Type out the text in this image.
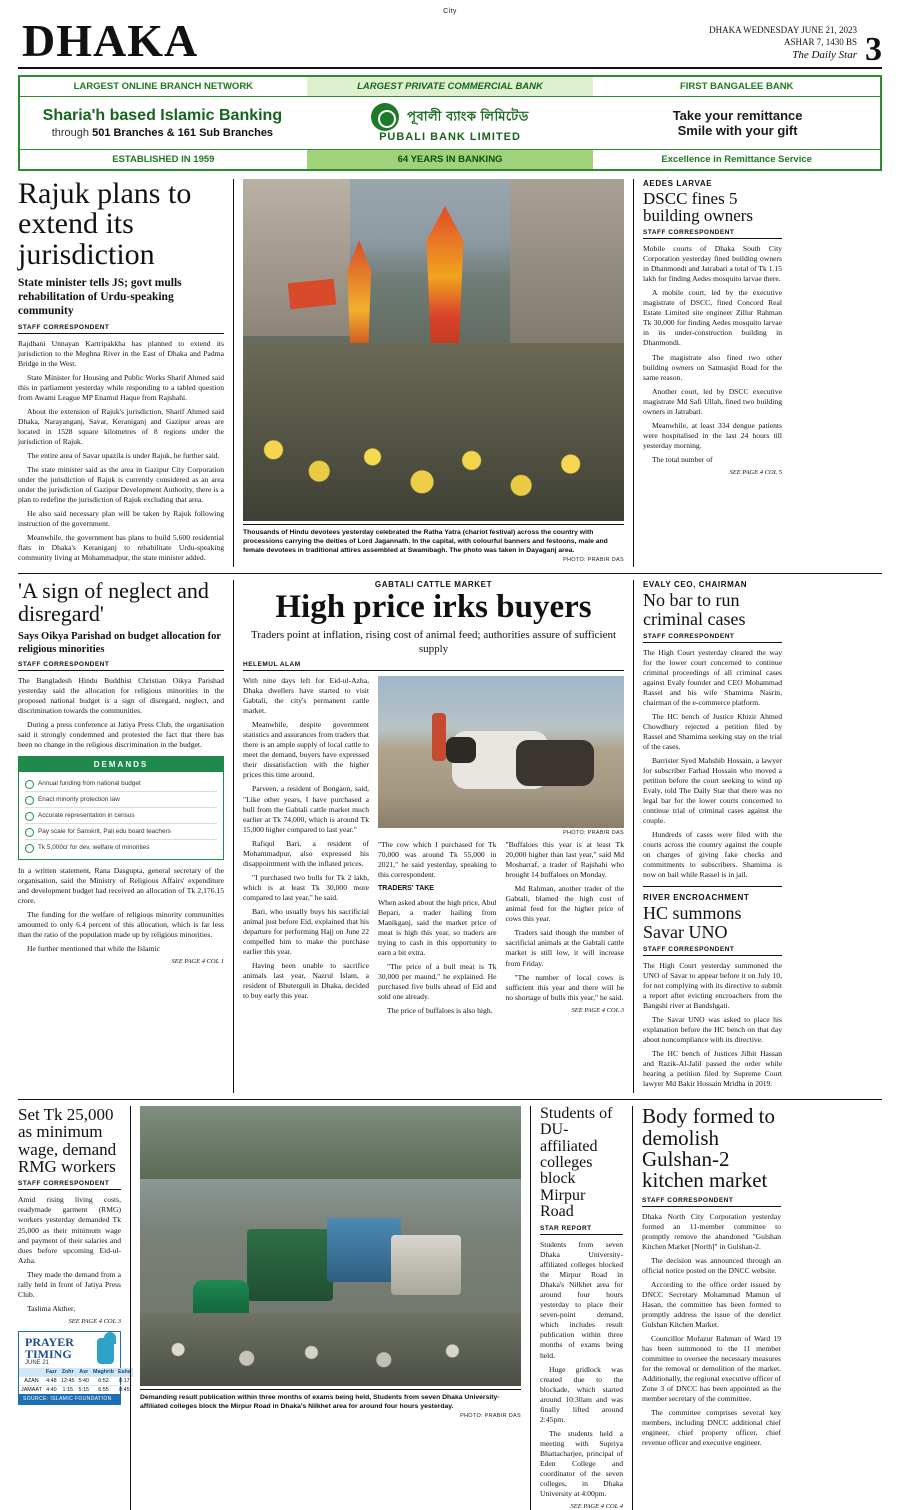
City
DHAKA	DHAKA WEDNESDAY JUNE 21, 2023
ASHAR 7, 1430 BS
The Daily Star 3
LARGEST ONLINE BRANCH NETWORK	LARGEST PRIVATE COMMERCIAL BANK	FIRST BANGALEE BANK
Sharia'h based Islamic Banking
through 501 Branches & 161 Sub Branches
পূবালী ব্যাংক লিমিটেড
PUBALI BANK LIMITED
Take your remittance
Smile with your gift
ESTABLISHED IN 1959	64 YEARS IN BANKING	Excellence in Remittance Service
Rajuk plans to extend its jurisdiction
State minister tells JS; govt mulls rehabilitation of Urdu-speaking community
STAFF CORRESPONDENT

Rajdhani Unnayan Kartripakkha has planned to extend its jurisdiction to the Meghna River in the East of Dhaka and Padma Bridge in the West.

State Minister for Housing and Public Works Sharif Ahmed said this in parliament yesterday while responding to a tabled question from Awami League MP Enamul Haque from Rajshahi.

About the extension of Rajuk's jurisdiction, Sharif Ahmed said Dhaka, Narayanganj, Savar, Keraniganj and Gazipur areas are located in 1528 square kilometres of 8 regions under the jurisdiction of Rajuk.

The entire area of Savar upazila is under Rajuk, he further said.

The state minister said as the area in Gazipur City Corporation under the jurisdiction of Rajuk is currently considered as an area under the jurisdiction of Gazipur Development Authority, there is a plan to redefine the jurisdiction of Rajuk excluding that area.

He also said necessary plan will be taken by Rajuk following instruction of the government.

Meanwhile, the government has plans to build 5,600 residential flats in Dhaka's Keraniganj to rehabilitate Urdu-speaking community living at Mohammadpur, the state minister added.

Thousands of Hindu devotees yesterday celebrated the Ratha Yatra (chariot festival) across the country with processions carrying the deities of Lord Jagannath. In the capital, with colourful banners and festoons, male and female devotees in traditional attires assembled at Swamibagh. The photo was taken in Dayaganj area.
PHOTO: PRABIR DAS
AEDES LARVAE
DSCC fines 5 building owners
STAFF CORRESPONDENT

Mobile courts of Dhaka South City Corporation yesterday fined building owners in Dhanmondi and Jatrabari a total of Tk 1.15 lakh for finding Aedes mosquito larvae there.

A mobile court, led by the executive magistrate of DSCC, fined Concord Real Estate Limited site engineer Zillur Rahman Tk 30,000 for finding Aedes mosquito larvae in its under-construction building in Dhanmondi.

The magistrate also fined two other building owners on Satmasjid Road for the same reason.

Another court, led by DSCC executive magistrate Md Safi Ullah, fined two building owners in Jatrabari.

Meanwhile, at least 334 dengue patients were hospitalised in the last 24 hours till yesterday morning.

The total number of

SEE PAGE 4 COL 5
'A sign of neglect and disregard'
Says Oikya Parishad on budget allocation for religious minorities
STAFF CORRESPONDENT

The Bangladesh Hindu Buddhist Christian Oikya Parishad yesterday said the allocation for religious minorities in the proposed national budget is a sign of disregard, neglect, and discrimination towards the communities.

During a press conference at Jatiya Press Club, the organisation said it strongly condemned and protested the fact that there has been no change in the religious discrimination in the budget.

DEMANDS
Annual funding from national budget
Enact minority protection law
Accurate representation in census
Pay scale for Sanskrit, Pali edu board teachers
Tk 5,000cr for dev, welfare of minorities

In a written statement, Rana Dasgupta, general secretary of the organisation, said the Ministry of Religious Affairs' expenditure and development budget had received an allocation of Tk 2,176.15 crore.

The funding for the welfare of religious minority communities amounted to only 6.4 percent of this allocation, which is far less than the ratio of the population made up by religious minorities.

He further mentioned that while the Islamic

SEE PAGE 4 COL 1
GABTALI CATTLE MARKET
High price irks buyers
Traders point at inflation, rising cost of animal feed; authorities assure of sufficient supply
HELEMUL ALAM

With nine days left for Eid-ul-Azha, Dhaka dwellers have started to visit Gabtali, the city's permanent cattle market.

Meanwhile, despite government statistics and assurances from traders that there is an ample supply of local cattle to meet the demand, buyers have expressed their dissatisfaction with the higher prices this time around.

Parveen, a resident of Bongaon, said, "Like other years, I have purchased a bull from the Gabtali cattle market much earlier at Tk 74,000, which is around Tk 15,000 higher compared to last year."

Rafiqul Bari, a resident of Mohammadpur, also expressed his disappointment with the inflated prices.

"I purchased two bulls for Tk 2 lakh, which is at least Tk 30,000 more compared to last year," he said.

Bari, who usually buys his sacrificial animal just before Eid, explained that his departure for performing Hajj on June 22 compelled him to make the purchase earlier this year.

Having been unable to sacrifice animals last year, Nazrul Islam, a resident of Bhuterguli in Dhaka, decided to buy early this year.

PHOTO: PRABIR DAS

"The cow which I purchased for Tk 70,000 was around Tk 55,000 in 2021," he said yesterday, speaking to this correspondent.

TRADERS' TAKE

When asked about the high price, Abul Bepari, a trader hailing from Manikganj, said the market price of meat is high this year, so traders are trying to cash in this opportunity to earn a bit extra.

"The price of a bull meat is Tk 30,000 per maund," he explained. He purchased five bulls ahead of Eid and sold one already.

The price of buffaloes is also high.

"Buffaloes this year is at least Tk 20,000 higher than last year," said Md Mosharraf, a trader of Rajshahi who brought 14 buffaloes on Monday.

Md Rahman, another trader of the Gabtali, blamed the high cost of animal feed for the higher price of cows this year.

Traders said though the number of sacrificial animals at the Gabtali cattle market is still low, it will increase from Friday.

"The number of local cows is sufficient this year and there will be no shortage of bulls this year," he said.

SEE PAGE 4 COL 3
EVALY CEO, CHAIRMAN
No bar to run criminal cases
STAFF CORRESPONDENT

The High Court yesterday cleared the way for the lower court concerned to continue criminal proceedings of all criminal cases against Evaly founder and CEO Mohammad Rassel and his wife Shamima Nasrin, chairman of the e-commerce platform.

The HC bench of Justice Khizir Ahmed Chowdhury rejected a petition filed by Rassel and Shamima seeking stay on the trial of the cases.

Barrister Syed Mahshib Hossain, a lawyer for subscriber Farhad Hossain who moved a petition before the court seeking to wind up Evaly, told The Daily Star that there was no legal bar for the lower courts concerned to continue trial of criminal cases against the couple.

Hundreds of cases were filed with the courts across the country against the couple on charges of giving fake checks and commitments to subscribers. Shamima is now on bail while Rassel is in jail.

RIVER ENCROACHMENT
HC summons Savar UNO
STAFF CORRESPONDENT

The High Court yesterday summoned the UNO of Savar to appear before it on July 10, for not complying with its directive to submit a report after evicting encroachers from the Bangshi river at Bandshgati.

The Savar UNO was asked to place his explanation before the HC bench on that day about noncompliance with its directive.

The HC bench of Justices Jilhit Hassan and Razik-Al-Jalil passed the order while hearing a petition filed by Supreme Court lawyer Md Bakir Hossain Mridha in 2019.

Set Tk 25,000 as minimum wage, demand RMG workers
STAFF CORRESPONDENT

Amid rising living costs, readymade garment (RMG) workers yesterday demanded Tk 25,000 as their minimum wage and payment of their salaries and dues before upcoming Eid-ul-Azha.

They made the demand from a rally held in front of Jatiya Press Club.

Taslima Akther,

SEE PAGE 4 COL 3
PRAYER TIMING
JUNE 21
	Fazr	Zohr	Asr	Maghrib	Esha
AZAN	4:48	12:45	5:40	6:52	8:17
JAMAAT	4:40	1:15	5:15	6:55	8:45
SOURCE: ISLAMIC FOUNDATION	Demanding result publication within three months of exams being held, Students from seven Dhaka University-affiliated colleges block the Mirpur Road in Dhaka's Nilkhet area for around four hours yesterday.
PHOTO: PRABIR DAS
Students of DU-affiliated colleges block Mirpur Road
STAR REPORT

Students from seven Dhaka University-affiliated colleges blocked the Mirpur Road in Dhaka's Nilkhet area for around four hours yesterday to place their seven-point demand, which includes result publication within three months of exams being held.

Huge gridlock was created due to the blockade, which started around 10:30am and was finally lifted around 2:45pm.

The students held a meeting with Supriya Bhattacharjee, principal of Eden College and coordinator of the seven colleges, in Dhaka University at 4:00pm.

SEE PAGE 4 COL 4
Body formed to demolish Gulshan-2 kitchen market
STAFF CORRESPONDENT

Dhaka North City Corporation yesterday formed an 11-member committee to promptly remove the abandoned "Gulshan Kitchen Market [North]" in Gulshan-2.

The decision was announced through an official notice posted on the DNCC website.

According to the office order issued by DNCC Secretary Mohammad Mamun ul Hasan, the committee has been formed to promptly address the issue of the derelict Gulshan Kitchen Market.

Councillor Mofazur Rahman of Ward 19 has been summoned to the 11 member committee to oversee the necessary measures for the removal or demolition of the market. Additionally, the regional executive officer of Zone 3 of DNCC has been appointed as the member secretary of the committee.

The committee comprises several key members, including DNCC additional chief engineer, chief property officer, chief revenue officer and executive engineer.
